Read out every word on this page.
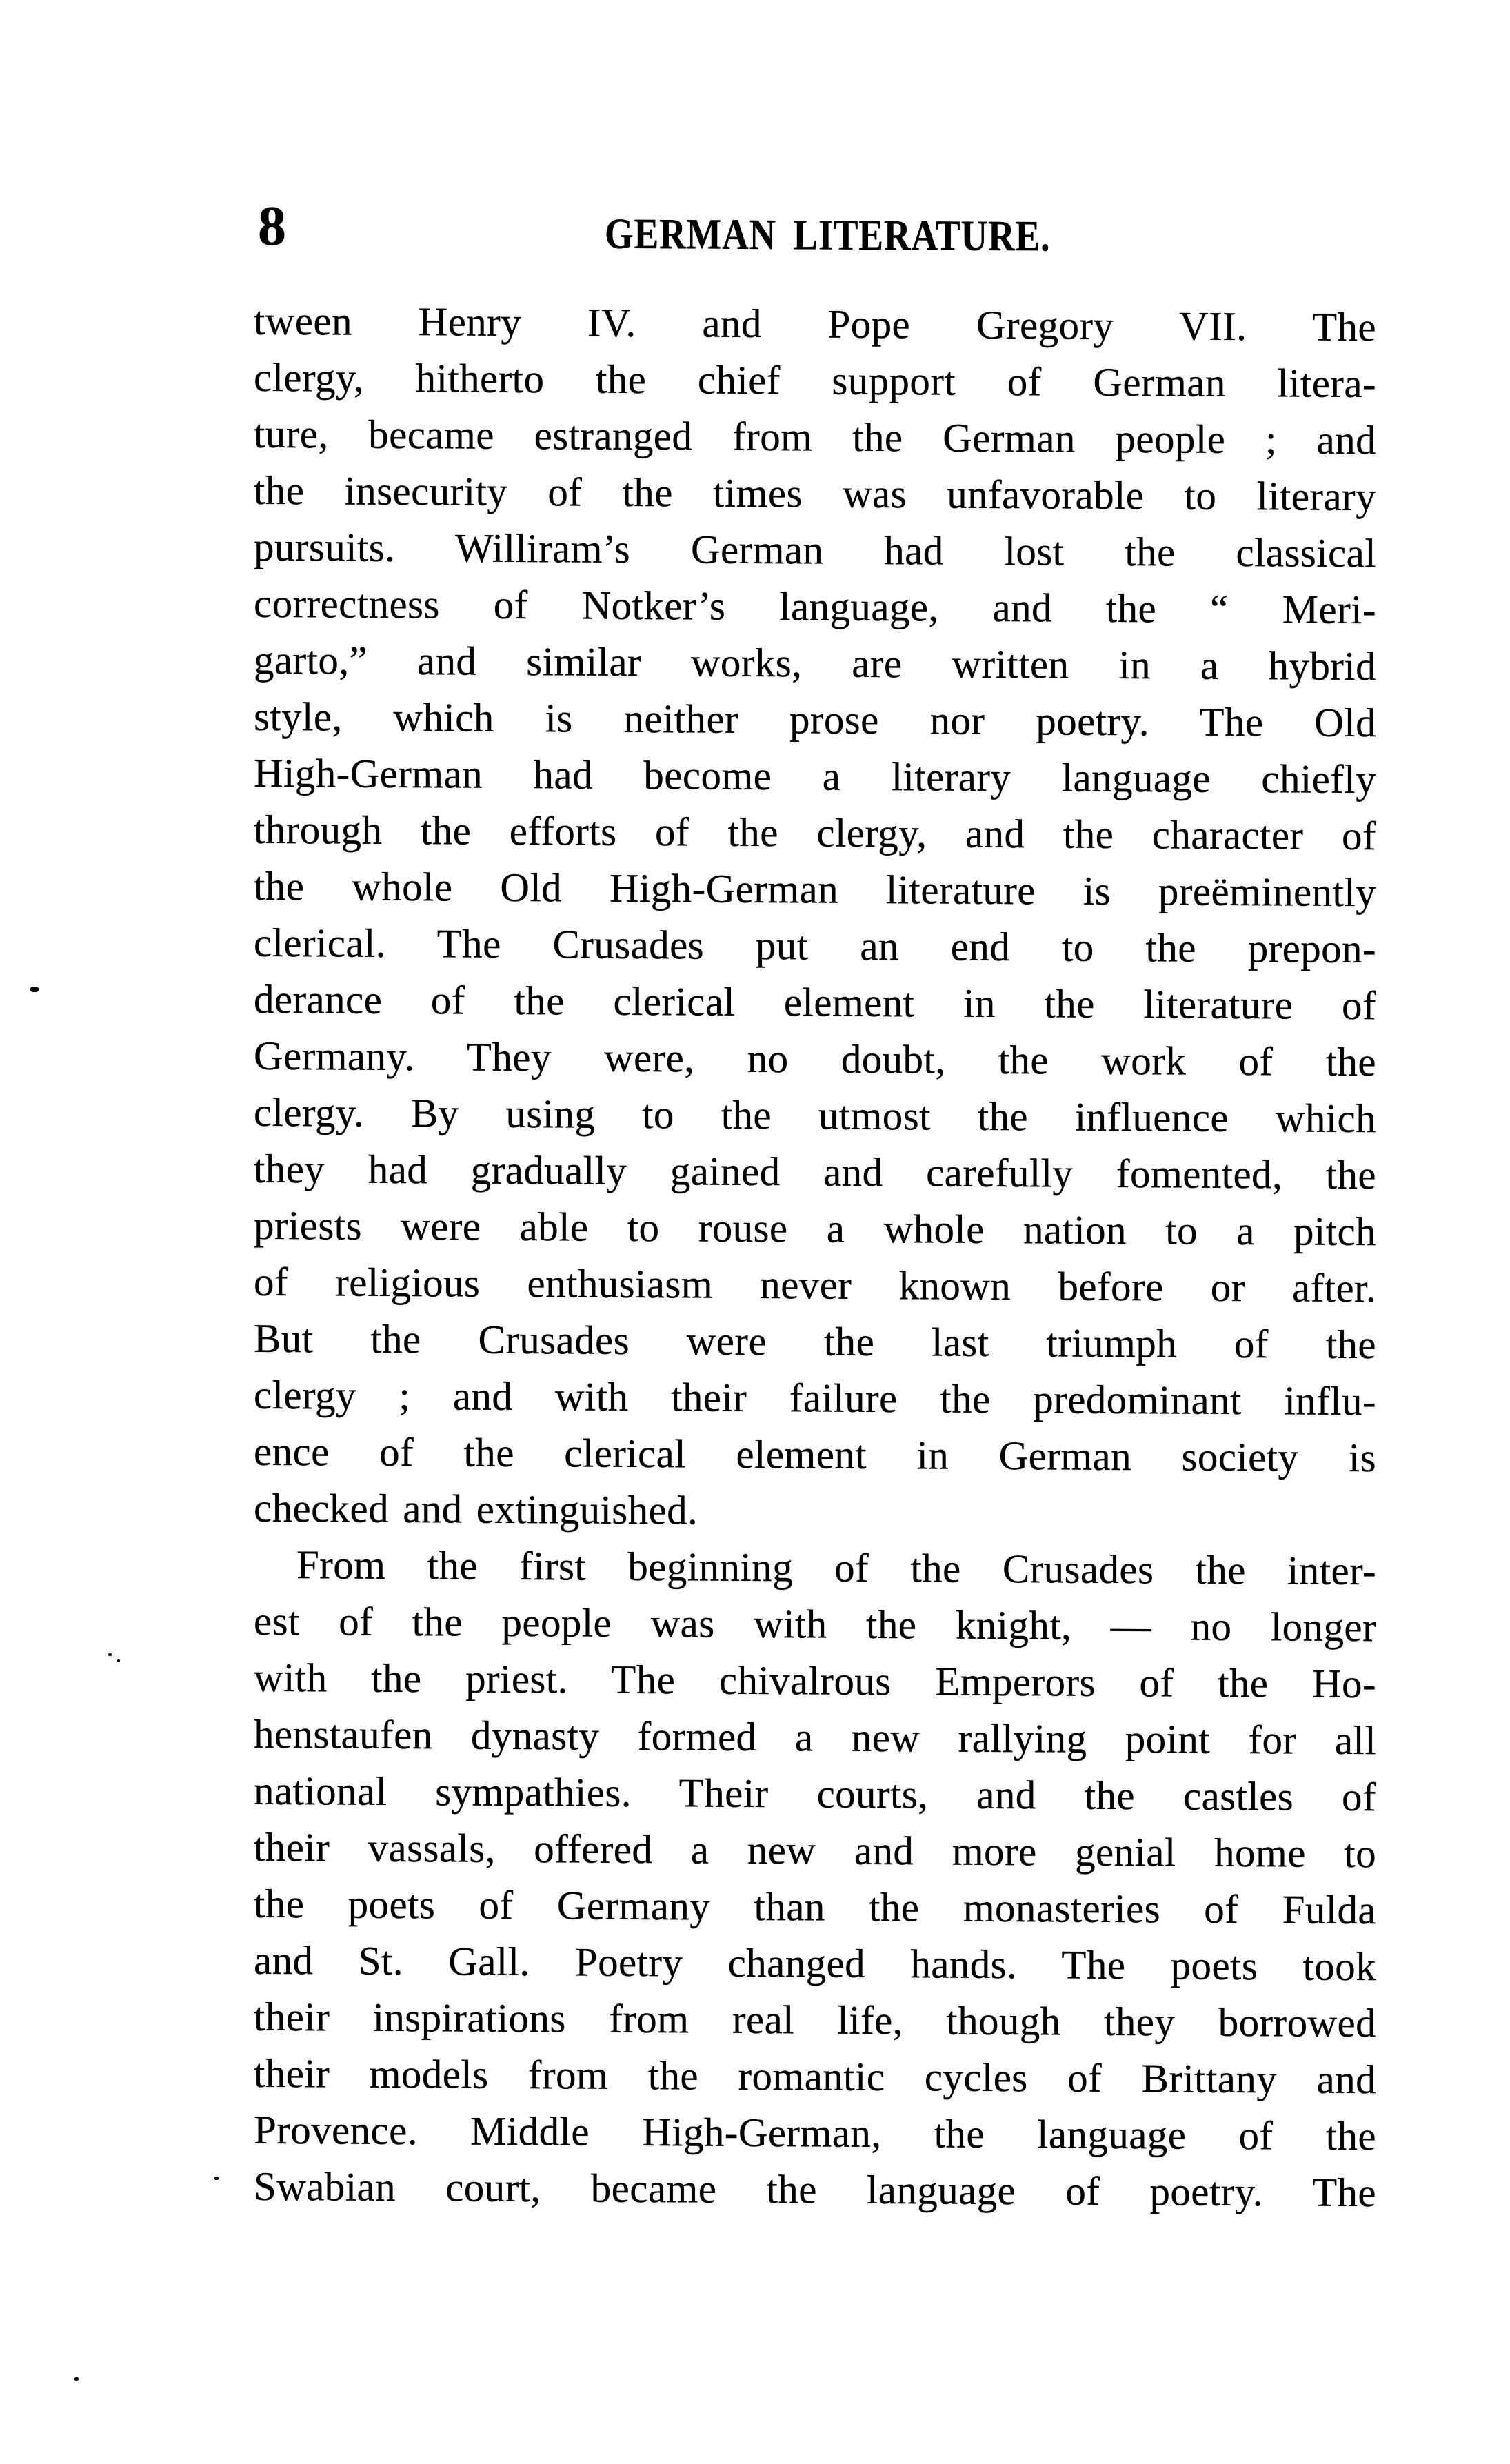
8	GERMAN LITERATURE.
tween Henry IV. and Pope Gregory VII. The
clergy, hitherto the chief support of German litera-
ture, became estranged from the German people ; and
the insecurity of the times was unfavorable to literary
pursuits. Williram’s German had lost the classical
correctness of Notker’s language, and the “ Meri-
garto,” and similar works, are written in a hybrid
style, which is neither prose nor poetry. The Old
High-German had become a literary language chiefly
through the efforts of the clergy, and the character of
the whole Old High-German literature is preëminently
clerical. The Crusades put an end to the prepon-
derance of the clerical element in the literature of
Germany. They were, no doubt, the work of the
clergy. By using to the utmost the influence which
they had gradually gained and carefully fomented, the
priests were able to rouse a whole nation to a pitch
of religious enthusiasm never known before or after.
But the Crusades were the last triumph of the
clergy ; and with their failure the predominant influ-
ence of the clerical element in German society is
checked and extinguished.
From the first beginning of the Crusades the inter-
est of the people was with the knight, — no longer
with the priest. The chivalrous Emperors of the Ho-
henstaufen dynasty formed a new rallying point for all
national sympathies. Their courts, and the castles of
their vassals, offered a new and more genial home to
the poets of Germany than the monasteries of Fulda
and St. Gall. Poetry changed hands. The poets took
their inspirations from real life, though they borrowed
their models from the romantic cycles of Brittany and
Provence. Middle High-German, the language of the
Swabian court, became the language of poetry. The
